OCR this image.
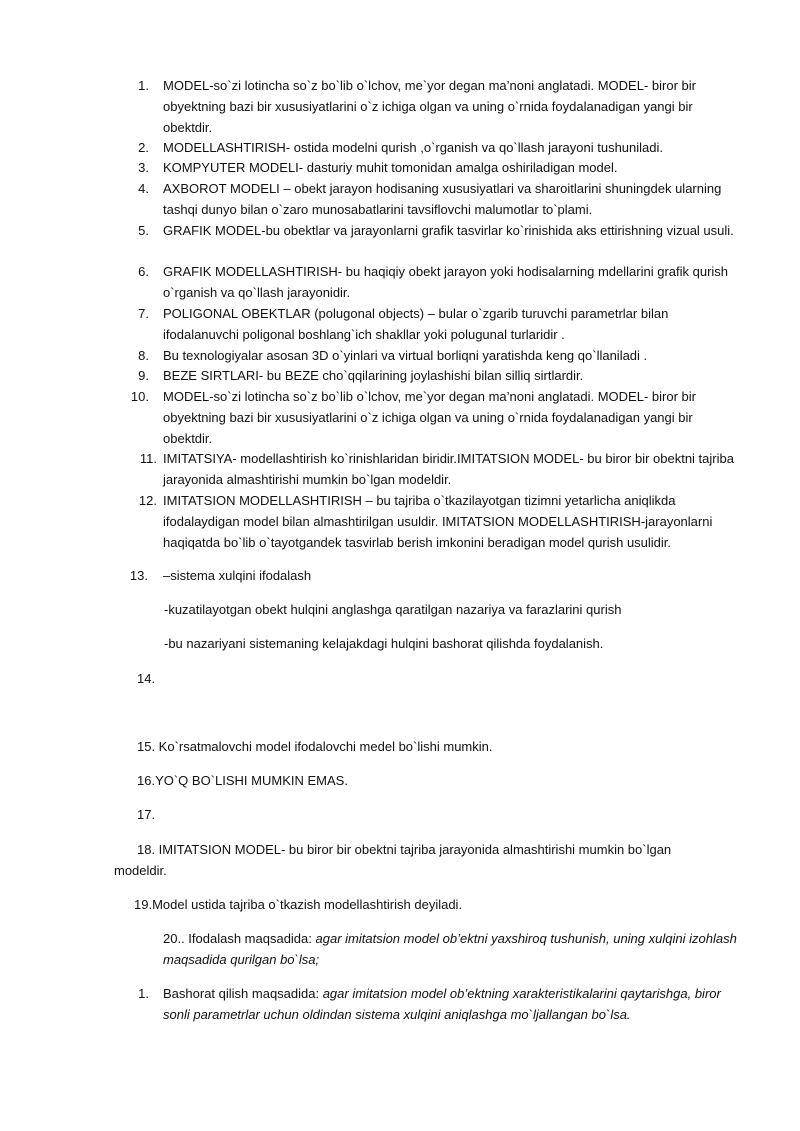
1. MODEL-so`zi lotincha so`z bo`lib o`lchov, me`yor degan ma’noni anglatadi. MODEL- biror bir obyektning bazi bir xususiyatlarini o`z ichiga olgan va uning o`rnida foydalanadigan yangi bir obektdir.
2. MODELLASHTIRISH- ostida modelni qurish ,o`rganish va qo`llash jarayoni tushuniladi.
3. KOMPYUTER MODELI- dasturiy muhit tomonidan amalga oshiriladigan model.
4. AXBOROT MODELI – obekt jarayon hodisaning xususiyatlari va sharoitlarini shuningdek ularning tashqi dunyo bilan o`zaro munosabatlarini tavsiflovchi malumotlar to`plami.
5. GRAFIK MODEL-bu obektlar va jarayonlarni grafik tasvirlar ko`rinishida aks ettirishning vizual usuli.
6. GRAFIK MODELLASHTIRISH- bu haqiqiy obekt jarayon yoki hodisalarning mdellarini grafik qurish o`rganish va qo`llash jarayonidir.
7. POLIGONAL OBEKTLAR (polugonal objects) – bular o`zgarib turuvchi parametrlar bilan ifodalanuvchi poligonal boshlang`ich shakllar yoki polugunal turlaridir .
8. Bu texnologiyalar asosan 3D o`yinlari va virtual borliqni yaratishda keng qo`llaniladi .
9. BEZE SIRTLARI- bu BEZE cho`qqilarining joylashishi bilan silliq sirtlardir.
10. MODEL-so`zi lotincha so`z bo`lib o`lchov, me`yor degan ma’noni anglatadi. MODEL- biror bir obyektning bazi bir xususiyatlarini o`z ichiga olgan va uning o`rnida foydalanadigan yangi bir obektdir.
11. IMITATSIYA- modellashtirish ko`rinishlaridan biridir.IMITATSION MODEL- bu biror bir obektni tajriba jarayonida almashtirishi mumkin bo`lgan modeldir.
12. IMITATSION MODELLASHTIRISH – bu tajriba o`tkazilayotgan tizimni yetarlicha aniqlikda ifodalaydigan model bilan almashtirilgan usuldir. IMITATSION MODELLASHTIRISH-jarayonlarni haqiqatda bo`lib o`tayotgandek tasvirlab berish imkonini beradigan model qurish usulidir.
13. –sistema xulqini ifodalash
-kuzatilayotgan obekt hulqini anglashga qaratilgan nazariya va farazlarini qurish
-bu nazariyani sistemaning kelajakdagi hulqini bashorat qilishda foydalanish.
14.
15. Ko`rsatmalovchi model ifodalovchi medel bo`lishi mumkin.
16.YO`Q BO`LISHI MUMKIN EMAS.
17.
18. IMITATSION MODEL- bu biror bir obektni tajriba jarayonida almashtirishi mumkin bo`lgan
modeldir.
19.Model ustida tajriba o`tkazish modellashtirish deyiladi.
20.. Ifodalash maqsadida: agar imitatsion model ob’ektni yaxshiroq tushunish, uning xulqini izohlash maqsadida qurilgan bo`lsa;
1. Bashorat qilish maqsadida: agar imitatsion model ob’ektning xarakteristikalarini qaytarishga, biror sonli parametrlar uchun oldindan sistema xulqini aniqlashga mo`ljallangan bo`lsa.
